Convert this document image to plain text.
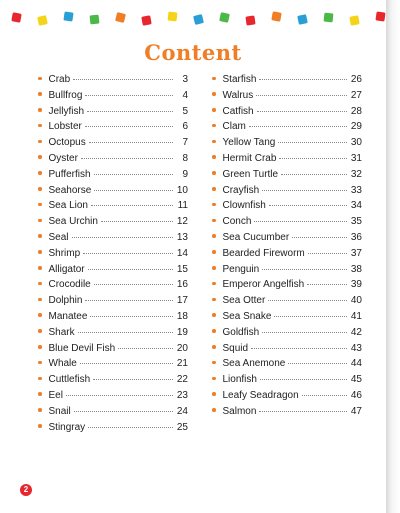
Content
Crab	3
Bullfrog	4
Jellyfish	5
Lobster	6
Octopus	7
Oyster	8
Pufferfish	9
Seahorse	10
Sea Lion	11
Sea Urchin	12
Seal	13
Shrimp	14
Alligator	15
Crocodile	16
Dolphin	17
Manatee	18
Shark	19
Blue Devil Fish	20
Whale	21
Cuttlefish	22
Eel	23
Snail	24
Stingray	25
Starfish	26
Walrus	27
Catfish	28
Clam	29
Yellow Tang	30
Hermit Crab	31
Green Turtle	32
Crayfish	33
Clownfish	34
Conch	35
Sea Cucumber	36
Bearded Fireworm	37
Penguin	38
Emperor Angelfish	39
Sea Otter	40
Sea Snake	41
Goldfish	42
Squid	43
Sea Anemone	44
Lionfish	45
Leafy Seadragon	46
Salmon	47
2
